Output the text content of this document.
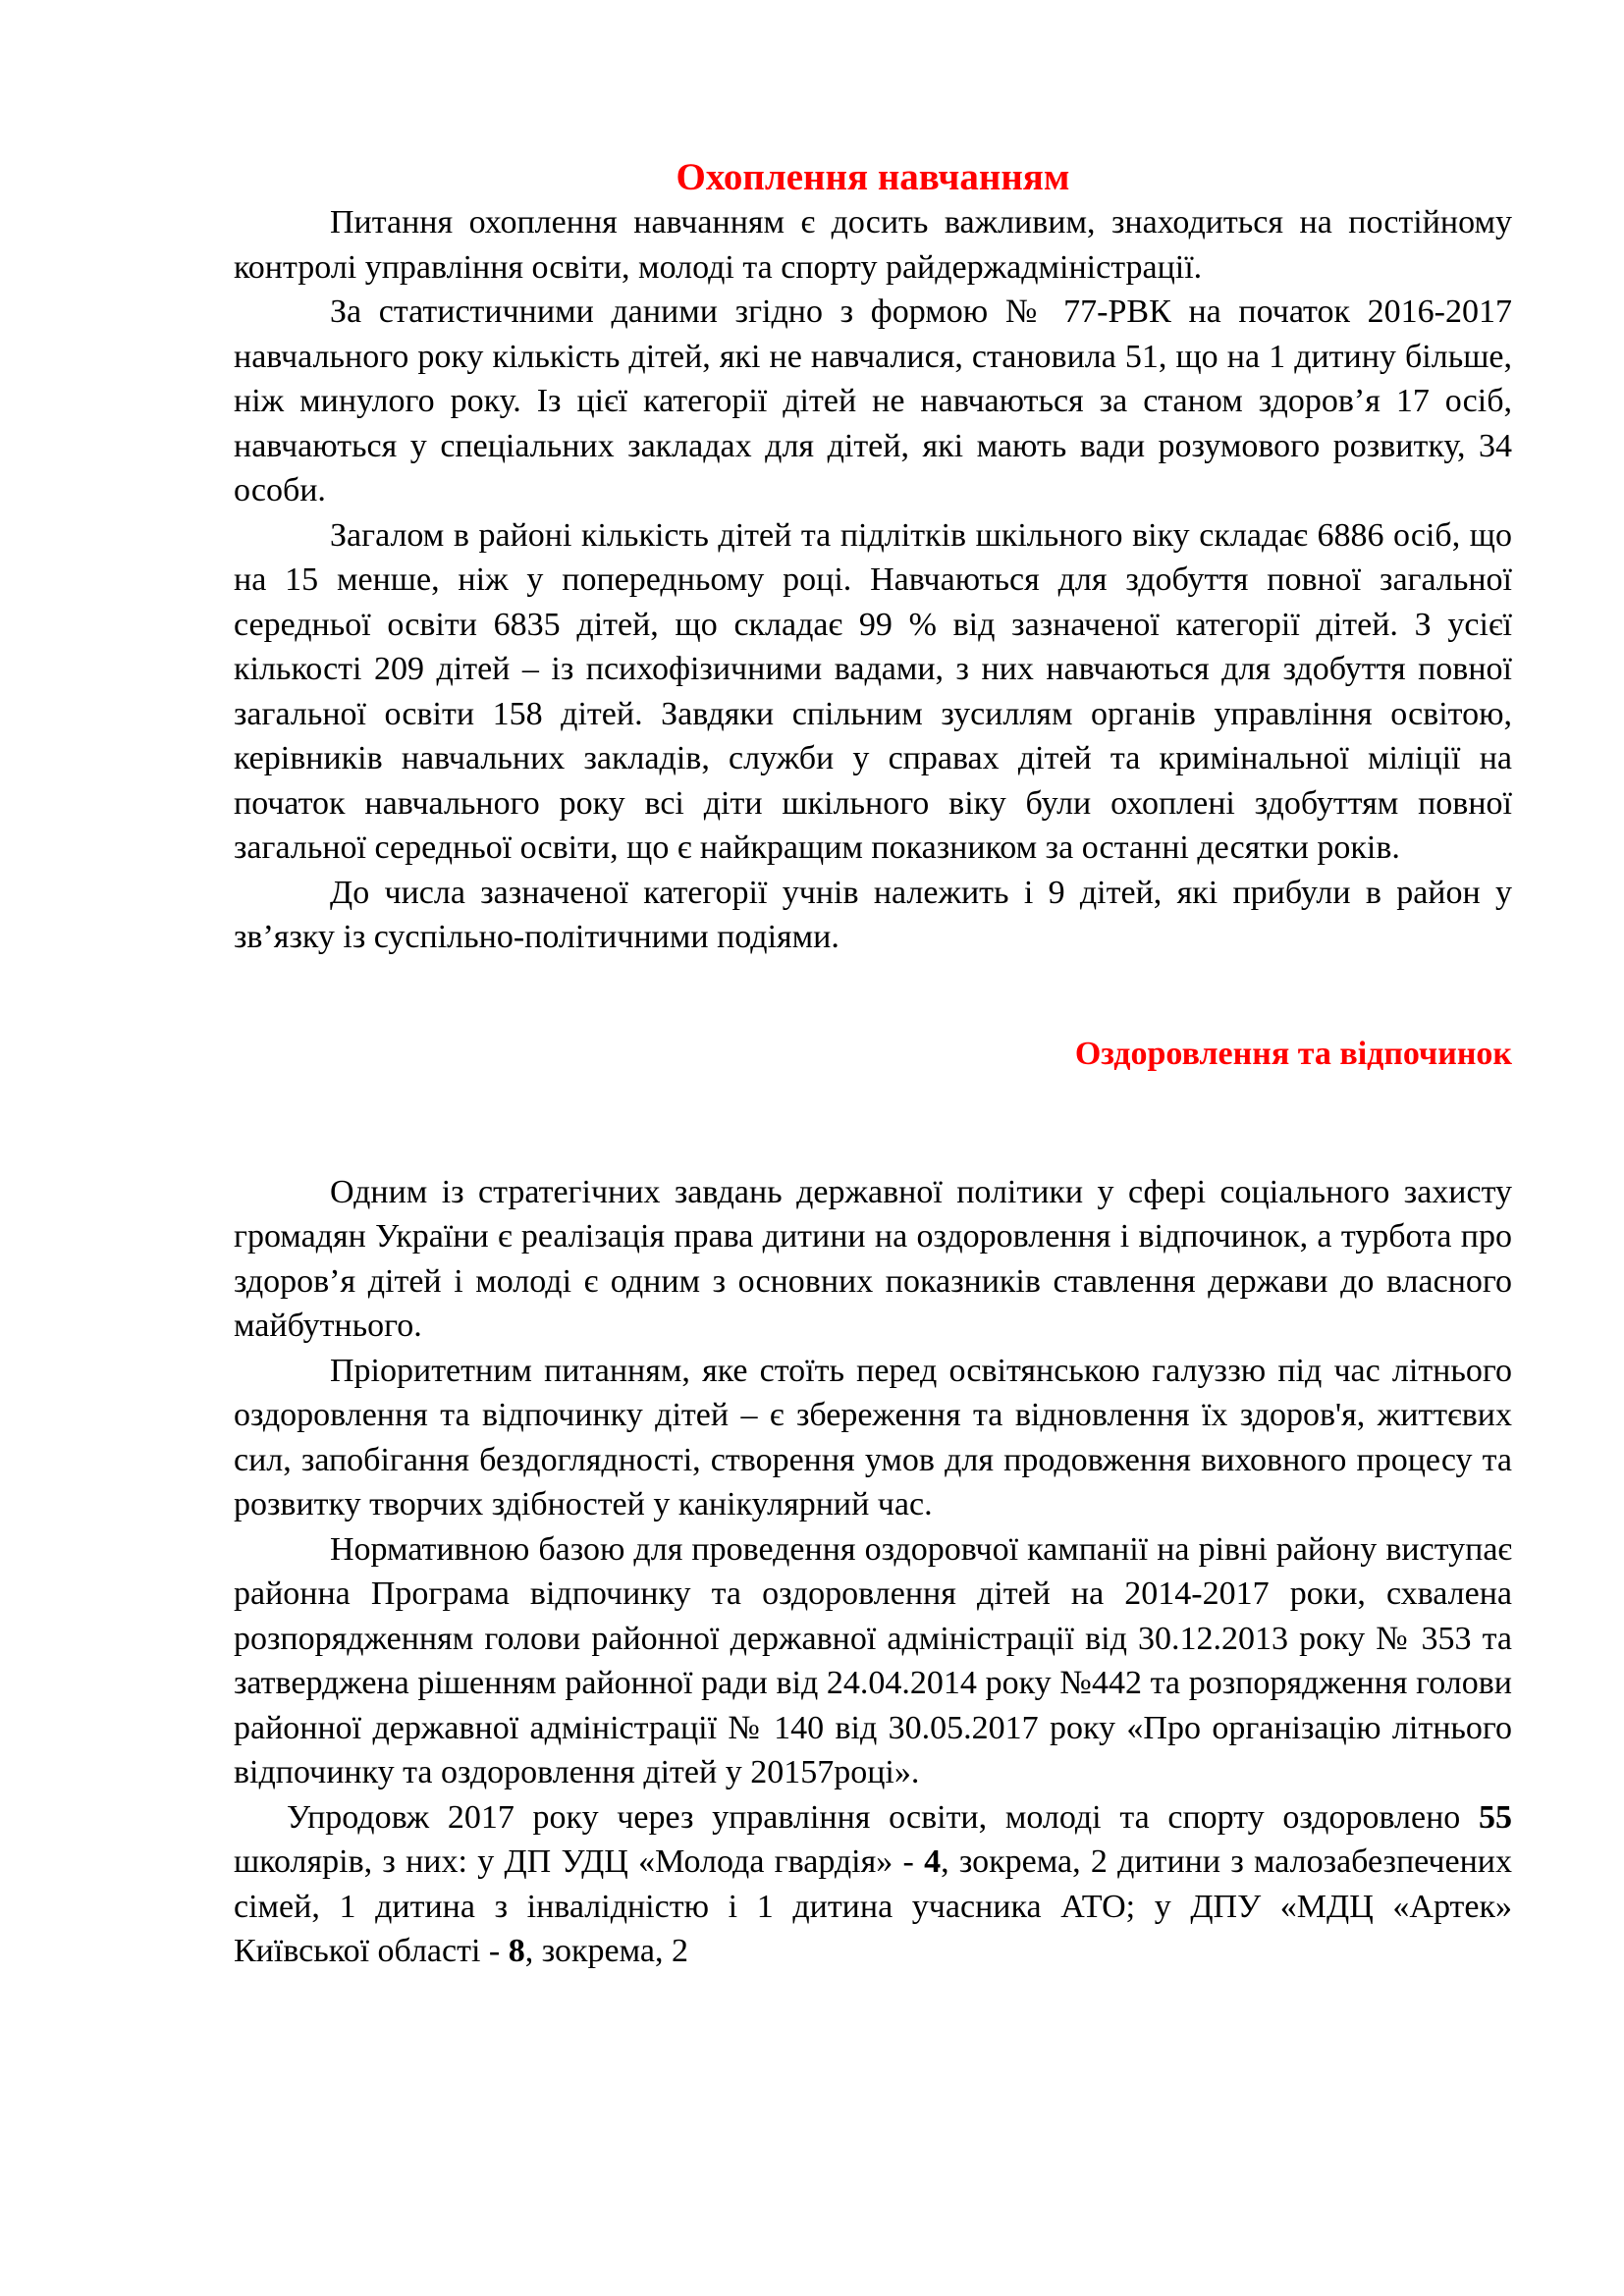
Охоплення навчанням

Питання охоплення навчанням є досить важливим, знаходиться на постійному контролі управління освіти, молоді та спорту райдержадміністрації.

За статистичними даними згідно з формою № 77-РВК на початок 2016-2017 навчального року кількість дітей, які не навчалися, становила 51, що на 1 дитину більше, ніж минулого року. Із цієї категорії дітей не навчаються за станом здоров’я 17 осіб, навчаються у спеціальних закладах для дітей, які мають вади розумового розвитку, 34 особи.

Загалом в районі кількість дітей та підлітків шкільного віку складає 6886 осіб, що на 15 менше, ніж у попередньому році. Навчаються для здобуття повної загальної середньої освіти 6835 дітей, що складає 99 % від зазначеної категорії дітей. З усієї кількості 209 дітей – із психофізичними вадами, з них навчаються для здобуття повної загальної освіти 158 дітей. Завдяки спільним зусиллям органів управління освітою, керівників навчальних закладів, служби у справах дітей та кримінальної міліції на початок навчального року всі діти шкільного віку були охоплені здобуттям повної загальної середньої освіти, що є найкращим показником за останні десятки років.

До числа зазначеної категорії учнів належить і 9 дітей, які прибули в район у зв’язку із суспільно-політичними подіями.

Оздоровлення та відпочинок

Одним із стратегічних завдань державної політики у сфері соціального захисту громадян України є реалізація права дитини на оздоровлення і відпочинок, а турбота про здоров’я дітей і молоді є одним з основних показників ставлення держави до власного майбутнього.

Пріоритетним питанням, яке стоїть перед освітянською галуззю під час літнього оздоровлення та відпочинку дітей – є збереження та відновлення їх здоров'я, життєвих сил, запобігання бездоглядності, створення умов для продовження виховного процесу та розвитку творчих здібностей у канікулярний час.

Нормативною базою для проведення оздоровчої кампанії на рівні району виступає районна Програма відпочинку та оздоровлення дітей на 2014-2017 роки, схвалена розпорядженням голови районної державної адміністрації від 30.12.2013 року № 353 та затверджена рішенням районної ради від 24.04.2014 року №442 та розпорядження голови районної державної адміністрації № 140 від 30.05.2017 року «Про організацію літнього відпочинку та оздоровлення дітей у 20157році».

Упродовж 2017 року через управління освіти, молоді та спорту оздоровлено 55 школярів, з них: у ДП УДЦ «Молода гвардія» - 4, зокрема, 2 дитини з малозабезпечених сімей, 1 дитина з інвалідністю і 1 дитина учасника АТО; у ДПУ «МДЦ «Артек» Київської області - 8, зокрема, 2
